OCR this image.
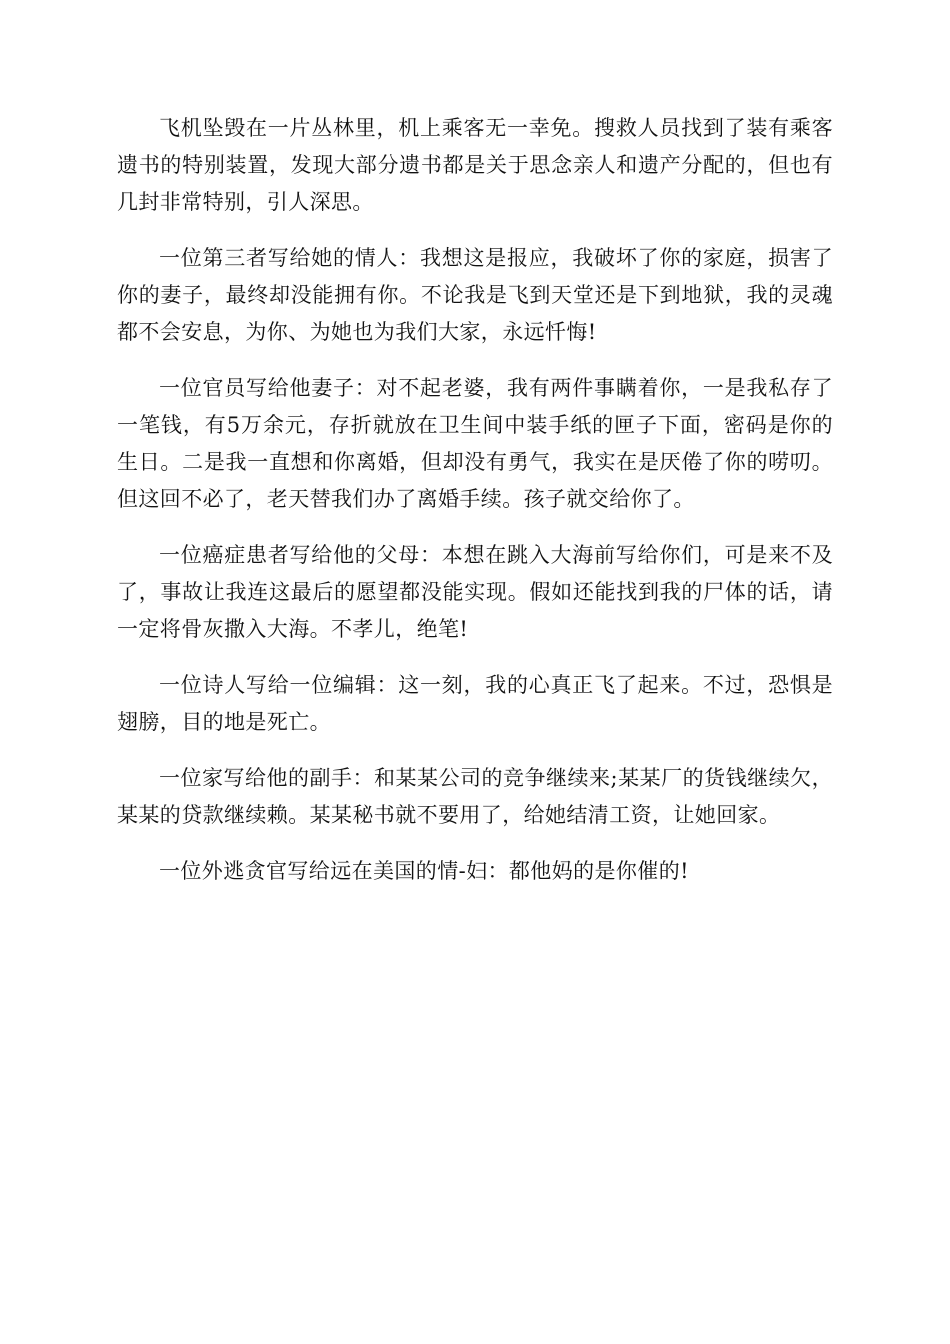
飞机坠毁在一片丛林里，机上乘客无一幸免。搜救人员找到了装有乘客遗书的特别装置，发现大部分遗书都是关于思念亲人和遗产分配的，但也有几封非常特别，引人深思。

一位第三者写给她的情人：我想这是报应，我破坏了你的家庭，损害了你的妻子，最终却没能拥有你。不论我是飞到天堂还是下到地狱，我的灵魂都不会安息，为你、为她也为我们大家，永远忏悔!

一位官员写给他妻子：对不起老婆，我有两件事瞒着你，一是我私存了一笔钱，有5万余元，存折就放在卫生间中装手纸的匣子下面，密码是你的生日。二是我一直想和你离婚，但却没有勇气，我实在是厌倦了你的唠叨。但这回不必了，老天替我们办了离婚手续。孩子就交给你了。

一位癌症患者写给他的父母：本想在跳入大海前写给你们，可是来不及了，事故让我连这最后的愿望都没能实现。假如还能找到我的尸体的话，请一定将骨灰撒入大海。不孝儿，绝笔!

一位诗人写给一位编辑：这一刻，我的心真正飞了起来。不过，恐惧是翅膀，目的地是死亡。

一位家写给他的副手：和某某公司的竞争继续来;某某厂的货钱继续欠，某某的贷款继续赖。某某秘书就不要用了，给她结清工资，让她回家。

一位外逃贪官写给远在美国的情-妇：都他妈的是你催的!
